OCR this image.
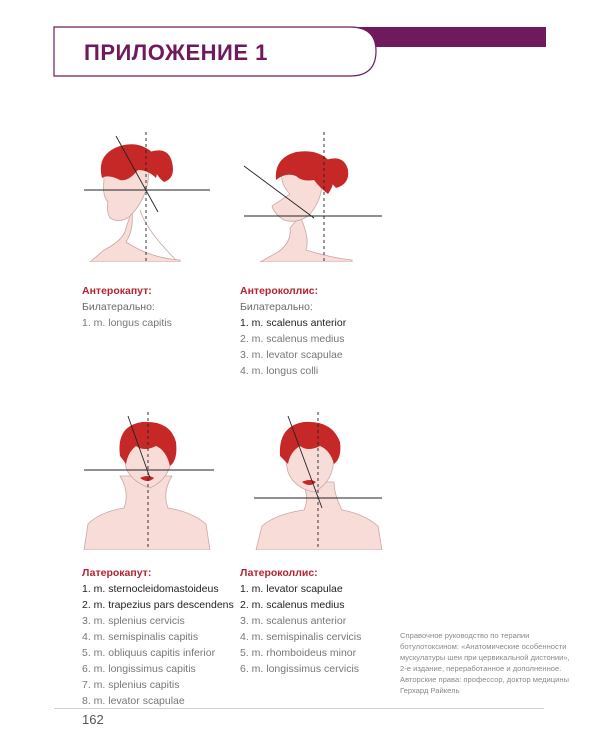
ПРИЛОЖЕНИЕ 1
Антерокапут:
Билатерально:
1. m. longus capitis
Антероколлис:
Билатерально:
1. m. scalenus anterior
2. m. scalenus medius
3. m. levator scapulae
4. m. longus colli
Латерокапут:
1. m. sternocleidomastoideus
2. m. trapezius pars descendens
3. m. splenius cervicis
4. m. semispinalis capitis
5. m. obliquus capitis inferior
6. m. longissimus capitis
7. m. splenius capitis
8. m. levator scapulae
Латероколлис:
1. m. levator scapulae
2. m. scalenus medius
3. m. scalenus anterior
4. m. semispinalis cervicis
5. m. rhomboideus minor
6. m. longissimus cervicis
Справочное руководство по терапии ботулотоксином: «Анатомические особенности мускулатуры шеи при цервикальной дистонии», 2-е издание, переработанное и дополненное. Авторские права: профессор, доктор медицины Герхард Райкель
162
